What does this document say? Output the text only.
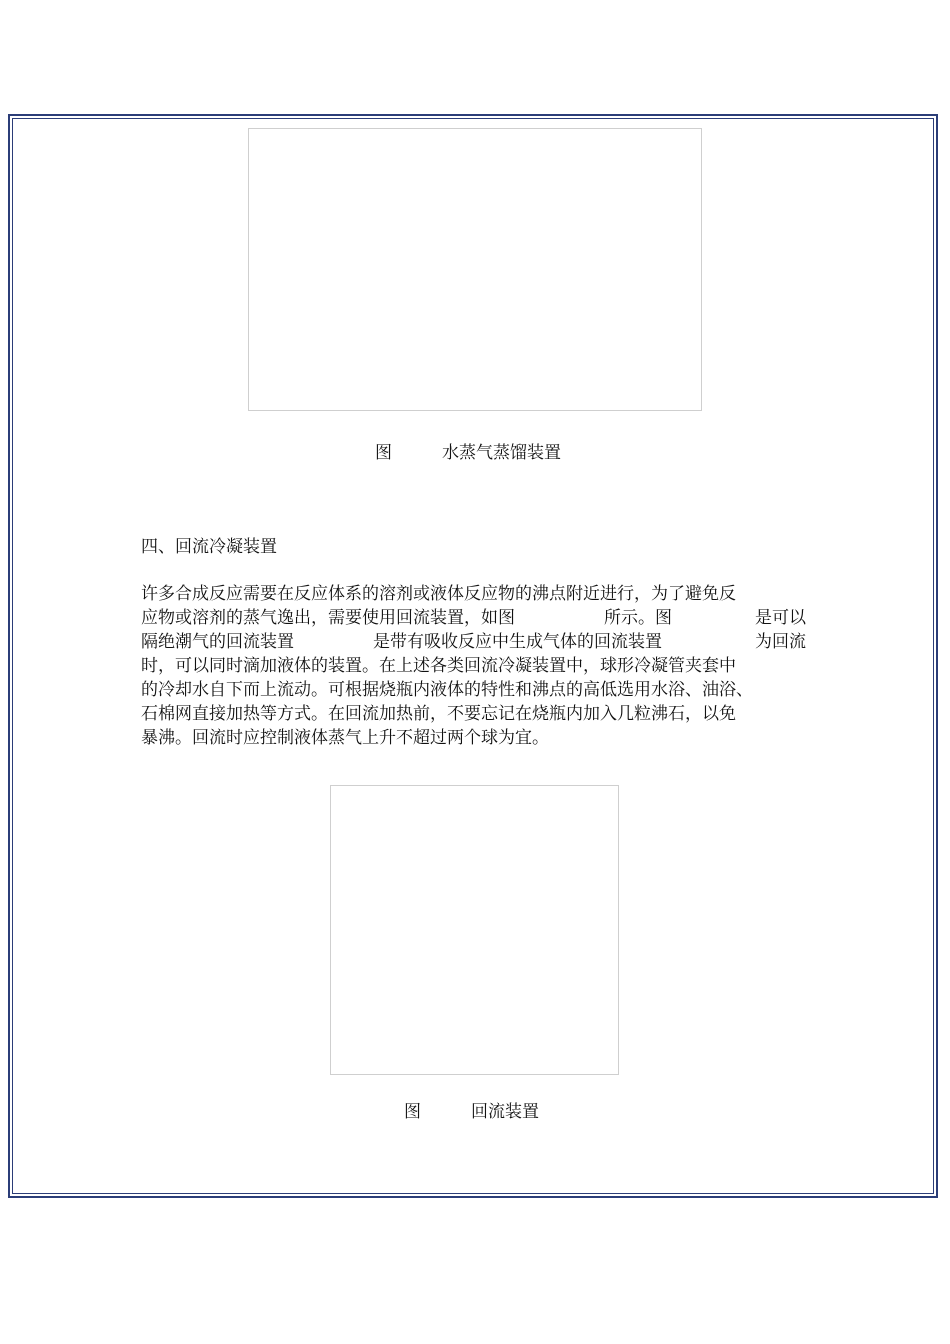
图	水蒸气蒸馏装置
四、回流冷凝装置
许多合成反应需要在反应体系的溶剂或液体反应物的沸点附近进行，为了避免反
应物或溶剂的蒸气逸出，需要使用回流装置，如图	所示。图	是可以
隔绝潮气的回流装置	是带有吸收反应中生成气体的回流装置	为回流
时，可以同时滴加液体的装置。在上述各类回流冷凝装置中，球形冷凝管夹套中
的冷却水自下而上流动。可根据烧瓶内液体的特性和沸点的高低选用水浴、油浴、
石棉网直接加热等方式。在回流加热前，不要忘记在烧瓶内加入几粒沸石，以免
暴沸。回流时应控制液体蒸气上升不超过两个球为宜。
图	回流装置
